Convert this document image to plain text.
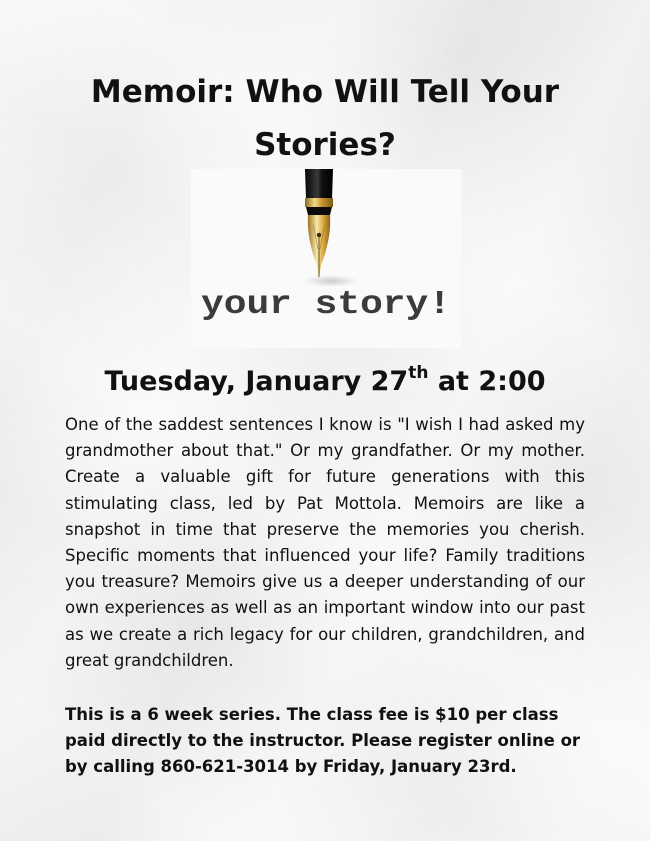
Memoir: Who Will Tell Your
Stories?
your story!
Tuesday, January 27th at 2:00

One of the saddest sentences I know is "I wish I had asked my grandmother about that." Or my grandfather. Or my mother. Create a valuable gift for future generations with this stimulating class, led by Pat Mottola. Memoirs are like a snapshot in time that preserve the memories you cherish. Specific moments that influenced your life? Family traditions you treasure? Memoirs give us a deeper understanding of our own experiences as well as an important window into our past as we create a rich legacy for our children, grandchildren, and great grandchildren.

This is a 6 week series. The class fee is $10 per class paid directly to the instructor. Please register online or by calling 860-621-3014 by Friday, January 23rd.
